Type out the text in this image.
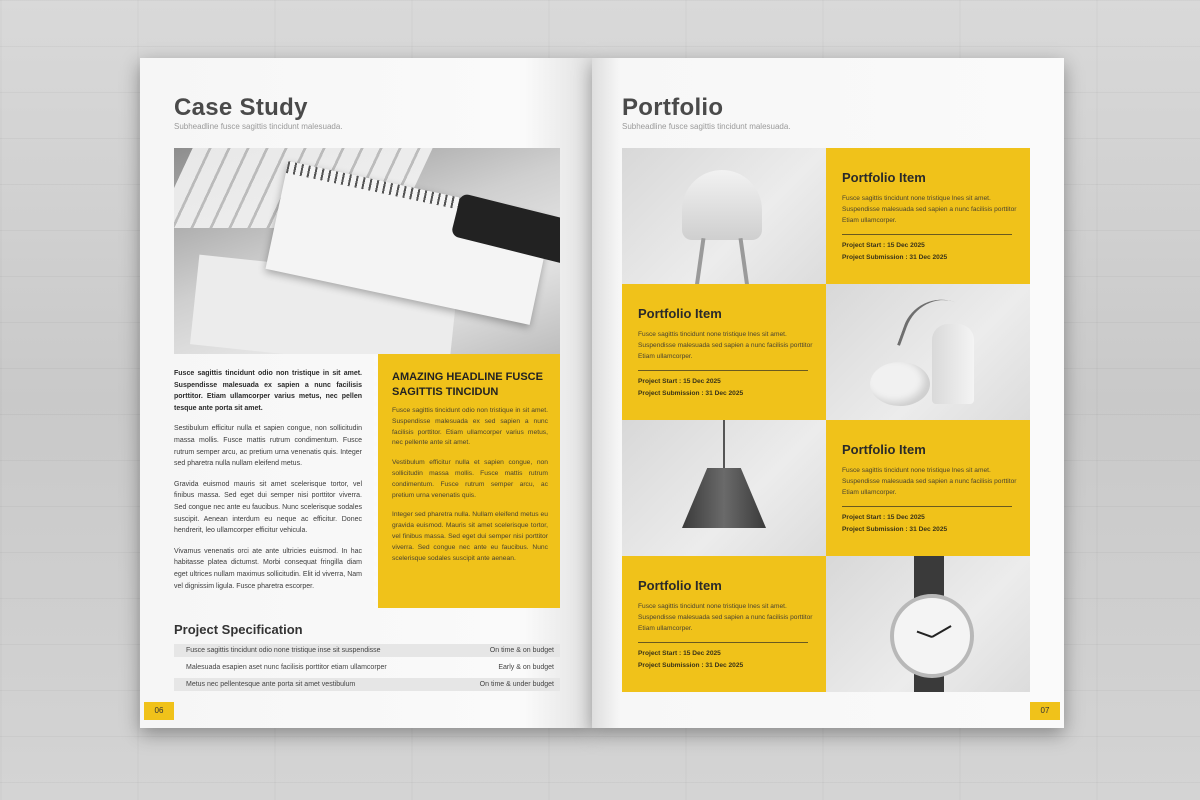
Case Study
Subheadline fusce sagittis tincidunt malesuada.

Fusce sagittis tincidunt odio non tristique in sit amet. Suspendisse malesuada ex sapien a nunc facilisis porttitor. Etiam ullamcorper varius metus, nec pellen tesque ante porta sit amet.

Sestibulum efficitur nulla et sapien congue, non sollicitudin massa mollis. Fusce mattis rutrum condimentum. Fusce rutrum semper arcu, ac pretium urna venenatis quis. Integer sed pharetra nulla nullam eleifend metus.

Gravida euismod mauris sit amet scelerisque tortor, vel finibus massa. Sed eget dui semper nisi porttitor viverra. Sed congue nec ante eu faucibus. Nunc scelerisque sodales suscipit. Aenean interdum eu neque ac efficitur. Donec hendrerit, leo ullamcorper efficitur vehicula.

Vivamus venenatis orci ate ante ultricies euismod. In hac habitasse platea dictumst. Morbi consequat fringilla diam eget ultrices nullam maximus sollicitudin. Elit id viverra, Nam vel dignissim ligula. Fusce pharetra escorper.

AMAZING HEADLINE FUSCE SAGITTIS TINCIDUN

Fusce sagittis tincidunt odio non tristique in sit amet. Suspendisse malesuada ex sed sapien a nunc facilisis porttitor. Etiam ullamcorper varius metus, nec pellente ante sit amet.

Vestibulum efficitur nulla et sapien congue, non sollicitudin massa mollis. Fusce mattis rutrum condimentum. Fusce rutrum semper arcu, ac pretium urna venenatis quis.

Integer sed pharetra nulla. Nullam eleifend metus eu gravida euismod. Mauris sit amet scelerisque tortor, vel finibus massa. Sed eget dui semper nisi porttitor viverra. Sed congue nec ante eu faucibus. Nunc scelerisque sodales suscipit ante aenean.

Project Specification
Fusce sagittis tincidunt odio none tristique inse sit suspendisse	On time & on budget
Malesuada esapien aset nunc facilisis porttitor etiam ullamcorper	Early & on budget
Metus nec pellentesque ante porta sit amet vestibulum	On time & under budget
06
Portfolio
Subheadline fusce sagittis tincidunt malesuada.
Portfolio Item
Fusce sagittis tincidunt none tristique lnes sit amet. Suspendisse malesuada sed sapien a nunc facilisis porttitor Etiam ullamcorper.
Project Start : 15 Dec 2025
Project Submission : 31 Dec 2025
Portfolio Item
Fusce sagittis tincidunt none tristique lnes sit amet. Suspendisse malesuada sed sapien a nunc facilisis porttitor Etiam ullamcorper.
Project Start : 15 Dec 2025
Project Submission : 31 Dec 2025
Portfolio Item
Fusce sagittis tincidunt none tristique lnes sit amet. Suspendisse malesuada sed sapien a nunc facilisis porttitor Etiam ullamcorper.
Project Start : 15 Dec 2025
Project Submission : 31 Dec 2025
Portfolio Item
Fusce sagittis tincidunt none tristique lnes sit amet. Suspendisse malesuada sed sapien a nunc facilisis porttitor Etiam ullamcorper.
Project Start : 15 Dec 2025
Project Submission : 31 Dec 2025
07
